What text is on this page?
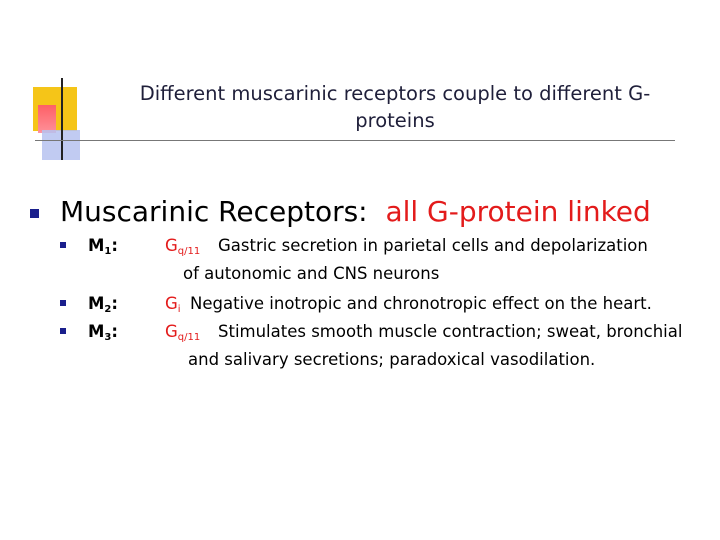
Different muscarinic receptors couple to different G-proteins
Muscarinic Receptors: all G-protein linked
$M_1$:	$G_{q/11}$ Gastric secretion in parietal cells and depolarization
of autonomic and CNS neurons
$M_2$:	$G_i$ Negative inotropic and chronotropic effect on the heart.
$M_3$:	$G_{q/11}$ Stimulates smooth muscle contraction; sweat, bronchial
and salivary secretions; paradoxical vasodilation.
